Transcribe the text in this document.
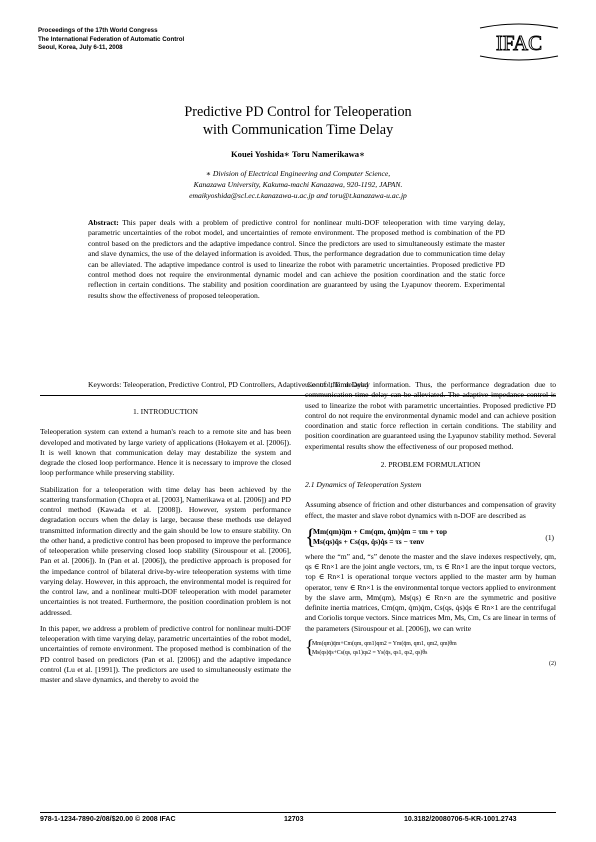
Proceedings of the 17th World Congress
The International Federation of Automatic Control
Seoul, Korea, July 6-11, 2008	IFAC
Predictive PD Control for Teleoperation
with Communication Time Delay
Kouei Yoshida∗ Toru Namerikawa∗
∗ Division of Electrical Engineering and Computer Science,
Kanazawa University, Kakuma-machi Kanazawa, 920-1192, JAPAN.
emaikyoshida@scl.ec.t.kanazawa-u.ac.jp and toru@t.kanazawa-u.ac.jp
Abstract: This paper deals with a problem of predictive control for nonlinear multi-DOF teleoperation with time varying delay, parametric uncertainties of the robot model, and uncertainties of remote environment. The proposed method is combination of the PD control based on the predictors and the adaptive impedance control. Since the predictors are used to simultaneously estimate the master and slave dynamics, the use of the delayed information is avoided. Thus, the performance degradation due to communication time delay can be alleviated. The adaptive impedance control is used to linearize the robot with parametric uncertainties. Proposed predictive PD control method does not require the environmental dynamic model and can achieve the position coordination and the static force reflection in certain conditions. The stability and position coordination are guaranteed by using the Lyapunov theorem. Experimental results show the effectiveness of proposed teleoperation.
Keywords: Teleoperation, Predictive Control, PD Controllers, Adaptive Control, Time Delay
1. INTRODUCTION

Teleoperation system can extend a human's reach to a remote site and has been developed and motivated by large variety of applications (Hokayem et al. [2006]). It is well known that communication delay may destabilize the system and degrade the closed loop performance. Hence it is necessary to improve the closed loop performance while preserving stability.

Stabilization for a teleoperation with time delay has been achieved by the scattering transformation (Chopra et al. [2003], Namerikawa et al. [2006]) and PD control method (Kawada et al. [2008]). However, system performance degradation occurs when the delay is large, because these methods use delayed transmitted information directly and the gain should be low to ensure stability. On the other hand, a predictive control has been proposed to improve the performance of teleoperation while preserving closed loop stability (Sirouspour et al. [2006], Pan et al. [2006]). In (Pan et al. [2006]), the predictive approach is proposed for the impedance control of bilateral drive-by-wire teleoperation systems with time varying delay. However, in this approach, the environmental model is required for the control law, and a nonlinear multi-DOF teleoperation with model parameter uncertainties is not treated. Furthermore, the position coordination problem is not addressed.

In this paper, we address a problem of predictive control for nonlinear multi-DOF teleoperation with time varying delay, parametric uncertainties of the robot model, uncertainties of remote environment. The proposed method is combination of the PD control based on predictors (Pan et al. [2006]) and the adaptive impedance control (Lu et al. [1991]). The predictors are used to simultaneously estimate the master and slave dynamics, and thereby to avoid the

use of the delayed information. Thus, the performance degradation due to communication time delay can be alleviated. The adaptive impedance control is used to linearize the robot with parametric uncertainties. Proposed predictive PD control do not require the environmental dynamic model and can achieve position coordination and static force reflection in certain conditions. The stability and position coordination are guaranteed using the Lyapunov stability method. Several experimental results show the effectiveness of our proposed method.

2. PROBLEM FORMULATION
2.1 Dynamics of Teleoperation System

Assuming absence of friction and other disturbances and compensation of gravity effect, the master and slave robot dynamics with n-DOF are described as

{
Mm(qm)q̈m + Cm(qm, q̇m)q̇m = τm + τop
Ms(qs)q̈s + Cs(qs, q̇s)q̇s = τs − τenv	(1)

where the “m” and, “s” denote the master and the slave indexes respectively, qm, qs ∈ Rn×1 are the joint angle vectors, τm, τs ∈ Rn×1 are the input torque vectors, τop ∈ Rn×1 is operational torque vectors applied to the master arm by human operator, τenv ∈ Rn×1 is the environmental torque vectors applied to environment by the slave arm, Mm(qm), Ms(qs) ∈ Rn×n are the symmetric and positive definite inertia matrices, Cm(qm, q̇m)q̇m, Cs(qs, q̇s)q̇s ∈ Rn×1 are the centrifugal and Coriolis torque vectors. Since matrices Mm, Ms, Cm, Cs are linear in terms of the parameters (Sirouspour et al. [2006]), we can write

{
Mm(qm)q̈m+Cm(qm, qm1)qm2 = Ym(q̈m, qm1, qm2, qm)θm
Ms(qs)q̈s+Cs(qs, qs1)qs2 = Ys(q̈s, qs1, qs2, qs)θs
(2)
978-1-1234-7890-2/08/$20.00 © 2008 IFAC	12703	10.3182/20080706-5-KR-1001.2743
